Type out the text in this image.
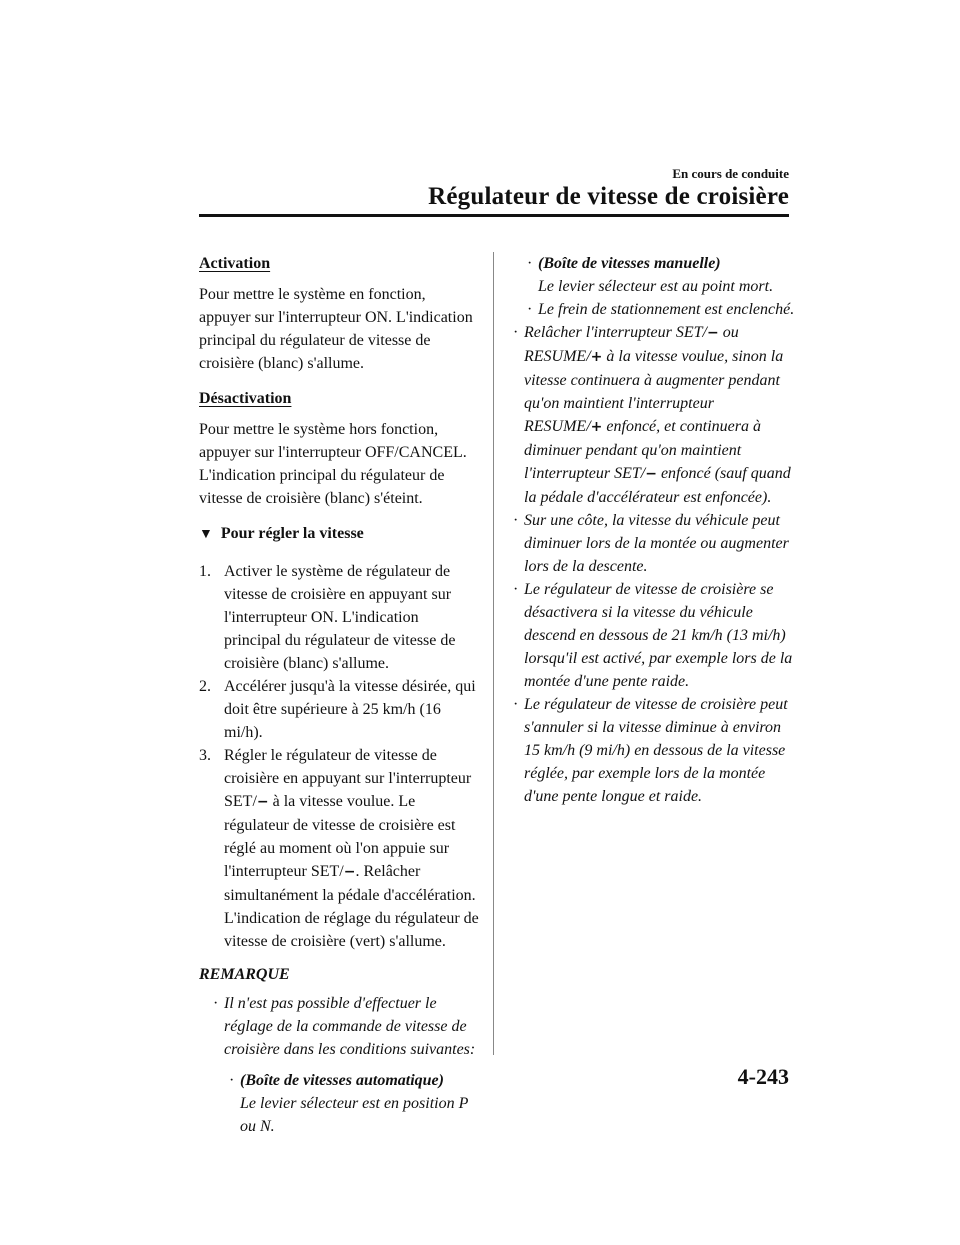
En cours de conduite
Régulateur de vitesse de croisière
Activation

Pour mettre le système en fonction, appuyer sur l'interrupteur ON. L'indication principal du régulateur de vitesse de croisière (blanc) s'allume.

Désactivation

Pour mettre le système hors fonction, appuyer sur l'interrupteur OFF/CANCEL. L'indication principal du régulateur de vitesse de croisière (blanc) s'éteint.

▼ Pour régler la vitesse
1. Activer le système de régulateur de vitesse de croisière en appuyant sur l'interrupteur ON. L'indication principal du régulateur de vitesse de croisière (blanc) s'allume.
2. Accélérer jusqu'à la vitesse désirée, qui doit être supérieure à 25 km/h (16 mi/h).
3. Régler le régulateur de vitesse de croisière en appuyant sur l'interrupteur SET/− à la vitesse voulue. Le régulateur de vitesse de croisière est réglé au moment où l'on appuie sur l'interrupteur SET/−. Relâcher simultanément la pédale d'accélération. L'indication de réglage du régulateur de vitesse de croisière (vert) s'allume.
REMARQUE
· Il n'est pas possible d'effectuer le réglage de la commande de vitesse de croisière dans les conditions suivantes:
· (Boîte de vitesses automatique)
Le levier sélecteur est en position P ou N.
· (Boîte de vitesses manuelle)
Le levier sélecteur est au point mort.
· Le frein de stationnement est enclenché.
· Relâcher l'interrupteur SET/− ou RESUME/+ à la vitesse voulue, sinon la vitesse continuera à augmenter pendant qu'on maintient l'interrupteur RESUME/+ enfoncé, et continuera à diminuer pendant qu'on maintient l'interrupteur SET/− enfoncé (sauf quand la pédale d'accélérateur est enfoncée).
· Sur une côte, la vitesse du véhicule peut diminuer lors de la montée ou augmenter lors de la descente.
· Le régulateur de vitesse de croisière se désactivera si la vitesse du véhicule descend en dessous de 21 km/h (13 mi/h) lorsqu'il est activé, par exemple lors de la montée d'une pente raide.
· Le régulateur de vitesse de croisière peut s'annuler si la vitesse diminue à environ 15 km/h (9 mi/h) en dessous de la vitesse réglée, par exemple lors de la montée d'une pente longue et raide.
4-243
